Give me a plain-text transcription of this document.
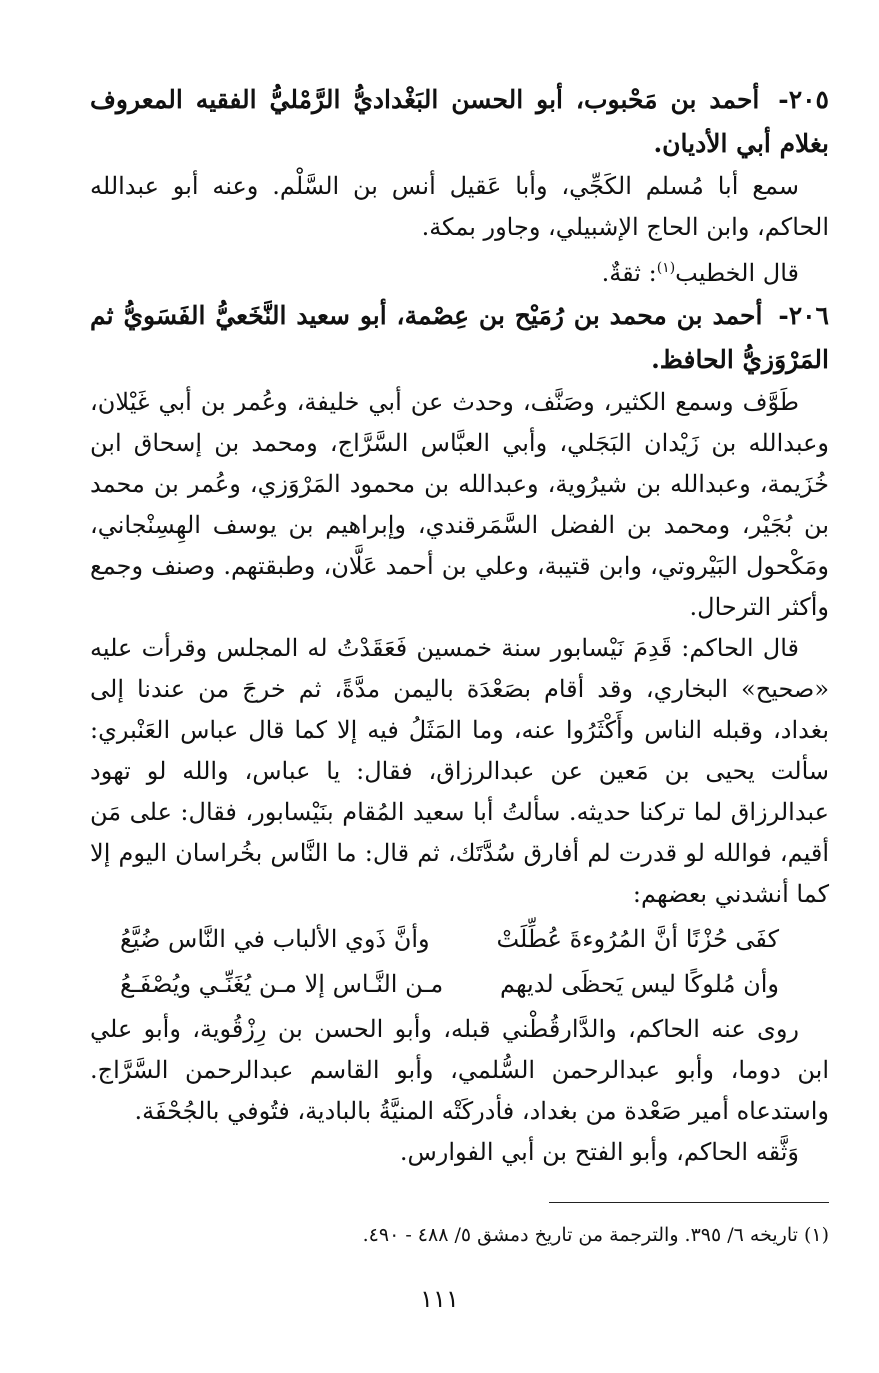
٢٠٥- أحمد بن مَحْبوب، أبو الحسن البَغْداديُّ الرَّمْليُّ الفقيه المعروف بغلام أبي الأديان.

سمع أبا مُسلم الكَجِّي، وأبا عَقيل أنس بن السَّلْم. وعنه أبو عبدالله الحاكم، وابن الحاج الإشبيلي، وجاور بمكة.

قال الخطيب$^{(١)}$: ثقةٌ.

٢٠٦- أحمد بن محمد بن رُمَيْح بن عِصْمة، أبو سعيد النَّخَعيُّ الفَسَويُّ ثم المَرْوَزيُّ الحافظ.

طَوَّف وسمع الكثير، وصَنَّف، وحدث عن أبي خليفة، وعُمر بن أبي غَيْلان، وعبدالله بن زَيْدان البَجَلي، وأبي العبَّاس السَّرَّاج، ومحمد بن إسحاق ابن خُزَيمة، وعبدالله بن شيرُوية، وعبدالله بن محمود المَرْوَزي، وعُمر بن محمد بن بُجَيْر، ومحمد بن الفضل السَّمَرقندي، وإبراهيم بن يوسف الهِسِنْجاني، ومَكْحول البَيْروتي، وابن قتيبة، وعلي بن أحمد عَلَّان، وطبقتهم. وصنف وجمع وأكثر الترحال.

قال الحاكم: قَدِمَ نَيْسابور سنة خمسين فَعَقَدْتُ له المجلس وقرأت عليه «صحيح» البخاري، وقد أقام بصَعْدَة باليمن مدَّةً، ثم خرجَ من عندنا إلى بغداد، وقبله الناس وأَكْثَرُوا عنه، وما المَثَلُ فيه إلا كما قال عباس العَنْبري: سألت يحيى بن مَعين عن عبدالرزاق، فقال: يا عباس، والله لو تهود عبدالرزاق لما تركنا حديثه. سألتُ أبا سعيد المُقام بنَيْسابور، فقال: على مَن أقيم، فوالله لو قدرت لم أفارق سُدَّتَك، ثم قال: ما النَّاس بخُراسان اليوم إلا كما أنشدني بعضهم:

كفَى حُزْنًا أنَّ المُرُوءةَ عُطِّلَتْ
وأنَّ ذَوي الألباب في النَّاس ضُيَّعُ
وأن مُلوكًا ليس يَحظَى لديهم
مـن النَّـاس إلا مـن يُغَنِّـي ويُصْفَـعُ

روى عنه الحاكم، والدَّارقُطْني قبله، وأبو الحسن بن رِزْقُوية، وأبو علي ابن دوما، وأبو عبدالرحمن السُّلمي، وأبو القاسم عبدالرحمن السَّرَّاج. واستدعاه أمير صَعْدة من بغداد، فأدركَتْه المنيَّةُ بالبادية، فتُوفي بالجُحْفَة.

وَثَّقه الحاكم، وأبو الفتح بن أبي الفوارس.

(١) تاريخه ٦/ ٣٩٥. والترجمة من تاريخ دمشق ٥/ ٤٨٨ - ٤٩٠.
١١١
